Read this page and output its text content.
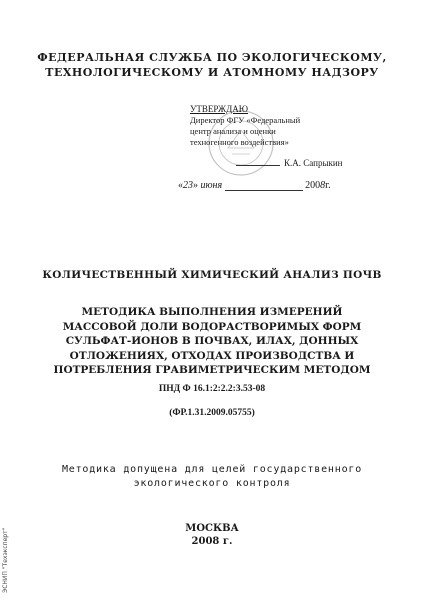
ФЕДЕРАЛЬНАЯ СЛУЖБА ПО ЭКОЛОГИЧЕСКОМУ,
ТЕХНОЛОГИЧЕСКОМУ И АТОМНОМУ НАДЗОРУ
УТВЕРЖДАЮ
Директор ФГУ «Федеральный
центр анализа и оценки
техногенного воздействия»
К.А. Сапрыкин
«23» июня	2008г.
КОЛИЧЕСТВЕННЫЙ ХИМИЧЕСКИЙ АНАЛИЗ ПОЧВ
МЕТОДИКА ВЫПОЛНЕНИЯ ИЗМЕРЕНИЙ
МАССОВОЙ ДОЛИ ВОДОРАСТВОРИМЫХ ФОРМ
СУЛЬФАТ-ИОНОВ В ПОЧВАХ, ИЛАХ, ДОННЫХ
ОТЛОЖЕНИЯХ, ОТХОДАХ ПРОИЗВОДСТВА И
ПОТРЕБЛЕНИЯ ГРАВИМЕТРИЧЕСКИМ МЕТОДОМ
ПНД Ф 16.1:2:2.2:3.53-08
(ФР.1.31.2009.05755)
Методика допущена для целей государственного
экологического контроля
МОСКВА
2008 г.
ЭСНИП "Техэксперт"
